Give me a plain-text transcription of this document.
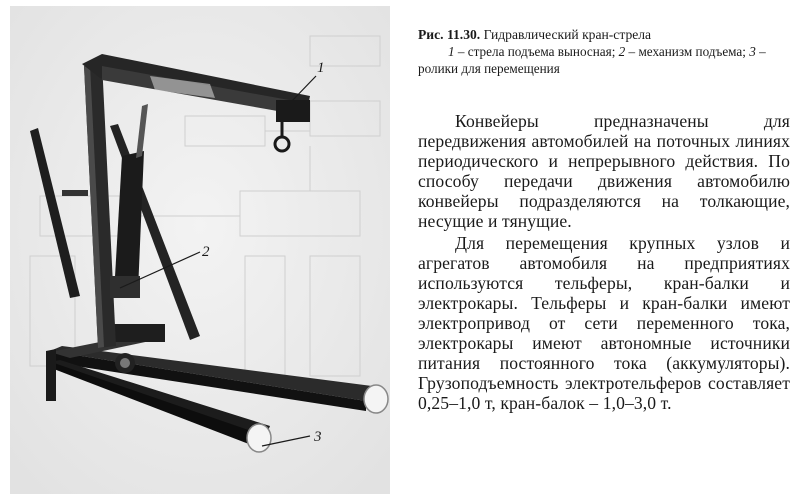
1
2
3
Рис. 11.30. Гидравлический кран-стрела
1 – стрела подъема выносная; 2 – механизм подъема; 3 – ролики для перемещения

Конвейеры предназначены для передвижения автомобилей на поточных линиях периодического и непрерывного действия. По способу передачи движения автомобилю конвейеры подразделяются на толкающие, несущие и тянущие.

Для перемещения крупных узлов и агрегатов автомобиля на предприятиях используются тельферы, кран-балки и электрокары. Тельферы и кран-балки имеют электропривод от сети переменного тока, электрокары имеют автономные источники питания постоянного тока (аккумуляторы). Грузоподъемность электротельферов составляет 0,25–1,0 т, кран-балок – 1,0–3,0 т.
